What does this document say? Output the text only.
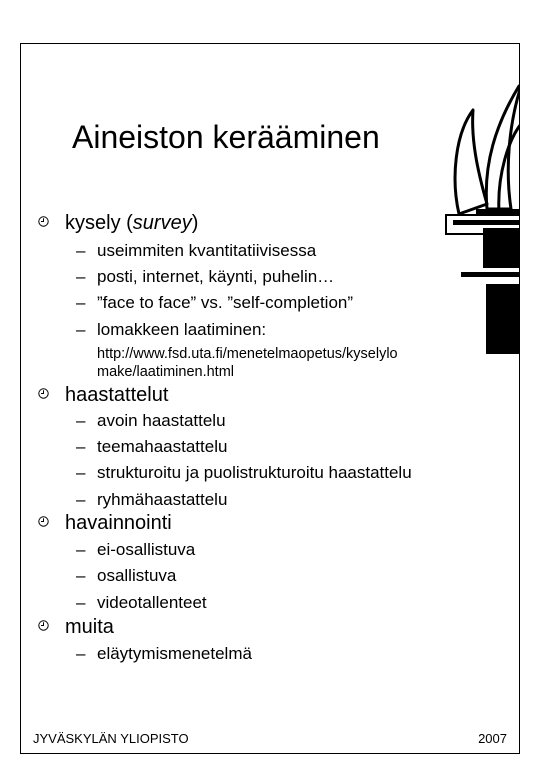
Aineiston kerääminen
kysely (survey)
– useimmiten kvantitatiivisessa
– posti, internet, käynti, puhelin…
– ”face to face” vs. ”self-completion”
– lomakkeen laatiminen:
http://www.fsd.uta.fi/menetelmaopetus/kyselylo
make/laatiminen.html
haastattelut
– avoin haastattelu
– teemahaastattelu
– strukturoitu ja puolistrukturoitu haastattelu
– ryhmähaastattelu
havainnointi
– ei-osallistuva
– osallistuva
– videotallenteet
muita
– eläytymismenetelmä
JYVÄSKYLÄN YLIOPISTO	2007
